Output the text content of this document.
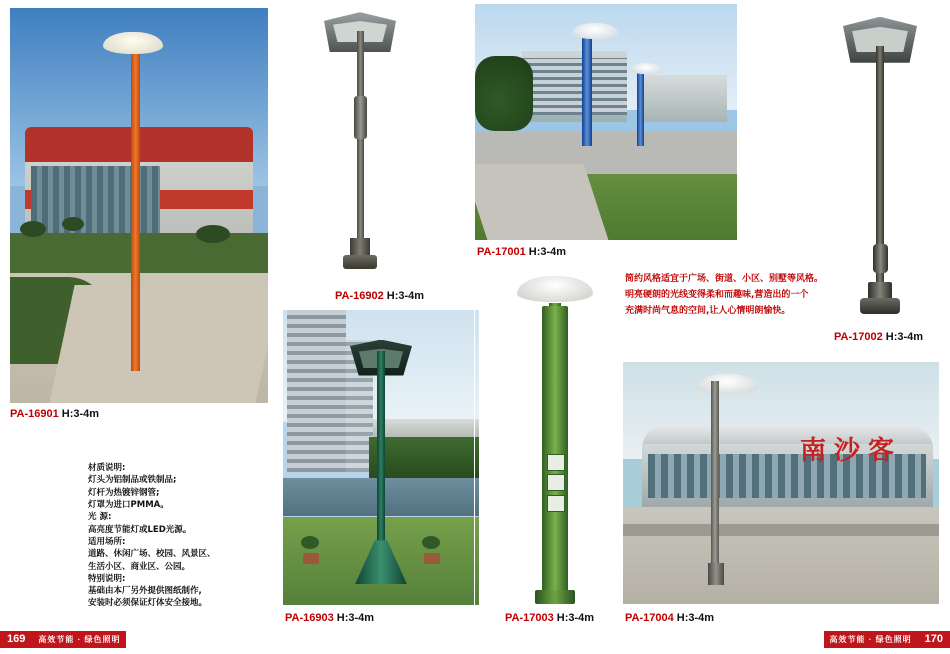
PA-16901 H:3-4m
PA-16902 H:3-4m
PA-17001 H:3-4m
PA-17002 H:3-4m
PA-16903 H:3-4m	PA-17003 H:3-4m
南沙客
PA-17004 H:3-4m
材质说明:
灯头为铝制品或铁制品;
灯杆为热镀锌钢管;
灯罩为进口PMMA。
光 源:
高亮度节能灯或LED光源。
适用场所:
道路、休闲广场、校园、风景区、
生活小区、商业区、公园。
特别说明:
基础由本厂另外提供图纸制作,
安装时必须保证灯体安全接地。
简约风格适宜于广场、街道、小区、别墅等风格。
明亮硬朗的光线变得柔和而趣味,营造出的一个
充满时尚气息的空间,让人心情明朗愉快。
169	高效节能 · 绿色照明	高效节能 · 绿色照明	170
